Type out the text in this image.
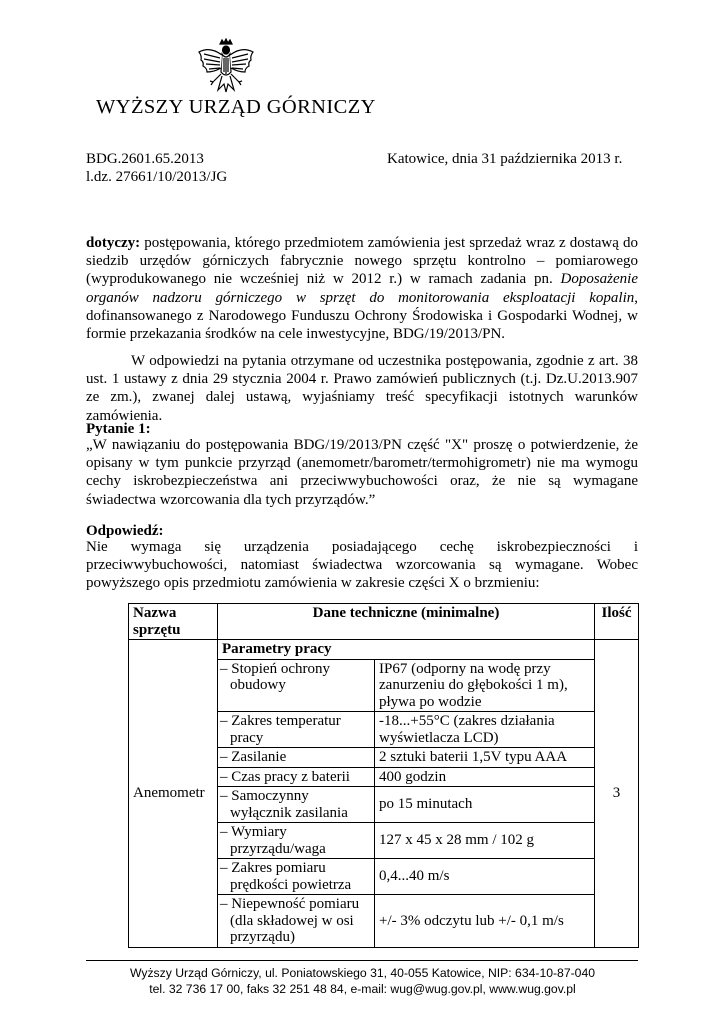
WYŻSZY URZĄD GÓRNICZY
BDG.2601.65.2013
l.dz. 27661/10/2013/JG
Katowice, dnia 31 października 2013 r.
dotyczy: postępowania, którego przedmiotem zamówienia jest sprzedaż wraz z dostawą do siedzib urzędów górniczych fabrycznie nowego sprzętu kontrolno – pomiarowego (wyprodukowanego nie wcześniej niż w 2012 r.) w ramach zadania pn. Doposażenie organów nadzoru górniczego w sprzęt do monitorowania eksploatacji kopalin, dofinansowanego z Narodowego Funduszu Ochrony Środowiska i Gospodarki Wodnej, w formie przekazania środków na cele inwestycyjne, BDG/19/2013/PN.
W odpowiedzi na pytania otrzymane od uczestnika postępowania, zgodnie z art. 38 ust. 1 ustawy z dnia 29 stycznia 2004 r. Prawo zamówień publicznych (t.j. Dz.U.2013.907 ze zm.), zwanej dalej ustawą, wyjaśniamy treść specyfikacji istotnych warunków zamówienia.
Pytanie 1:
„W nawiązaniu do postępowania BDG/19/2013/PN część "X" proszę o potwierdzenie, że opisany w tym punkcie przyrząd (anemometr/barometr/termohigrometr) nie ma wymogu cechy iskrobezpieczeństwa ani przeciwwybuchowości oraz, że nie są wymagane świadectwa wzorcowania dla tych przyrządów.”
Odpowiedź:
Nie wymaga się urządzenia posiadającego cechę iskrobezpieczności i przeciwwybuchowości, natomiast świadectwa wzorcowania są wymagane. Wobec powyższego opis przedmiotu zamówienia w zakresie części X o brzmieniu:
Nazwa sprzętu	Dane techniczne (minimalne)		Ilość
Anemometr	Parametry pracy		3
	– Stopień ochrony obudowy	IP67 (odporny na wodę przy zanurzeniu do głębokości 1 m), pływa po wodzie	
	– Zakres temperatur pracy	-18...+55°C (zakres działania wyświetlacza LCD)	
	– Zasilanie	2 sztuki baterii 1,5V typu AAA	
	– Czas pracy z baterii	400 godzin	
	– Samoczynny wyłącznik zasilania	po 15 minutach	
	– Wymiary przyrządu/waga	127 x 45 x 28 mm / 102 g	
	– Zakres pomiaru prędkości powietrza	0,4...40 m/s	
	– Niepewność pomiaru (dla składowej w osi przyrządu)	+/- 3% odczytu lub +/- 0,1 m/s	
Wyższy Urząd Górniczy, ul. Poniatowskiego 31, 40-055 Katowice, NIP: 634-10-87-040
tel. 32 736 17 00, faks 32 251 48 84, e-mail: wug@wug.gov.pl, www.wug.gov.pl
